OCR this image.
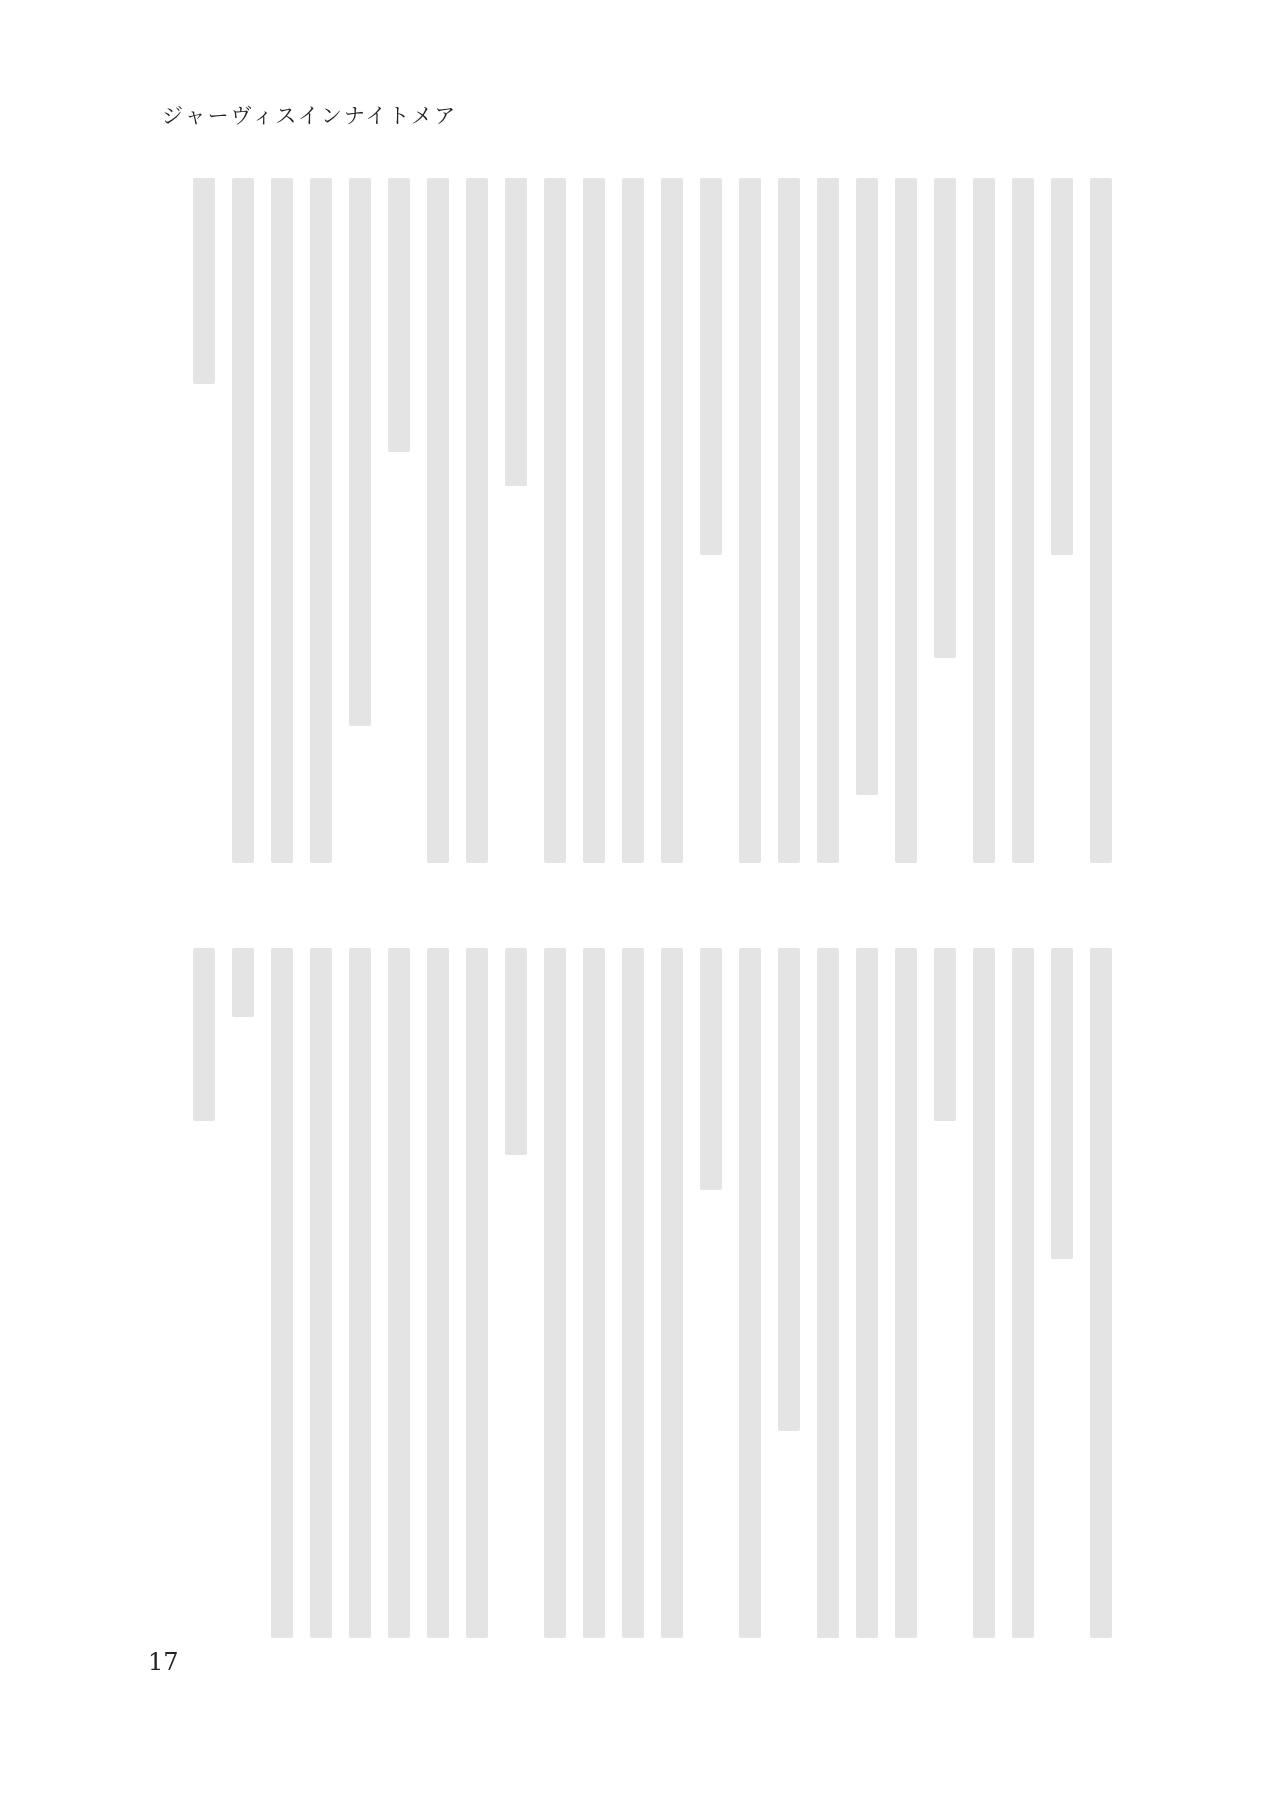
ジャーヴィスインナイトメア
17
